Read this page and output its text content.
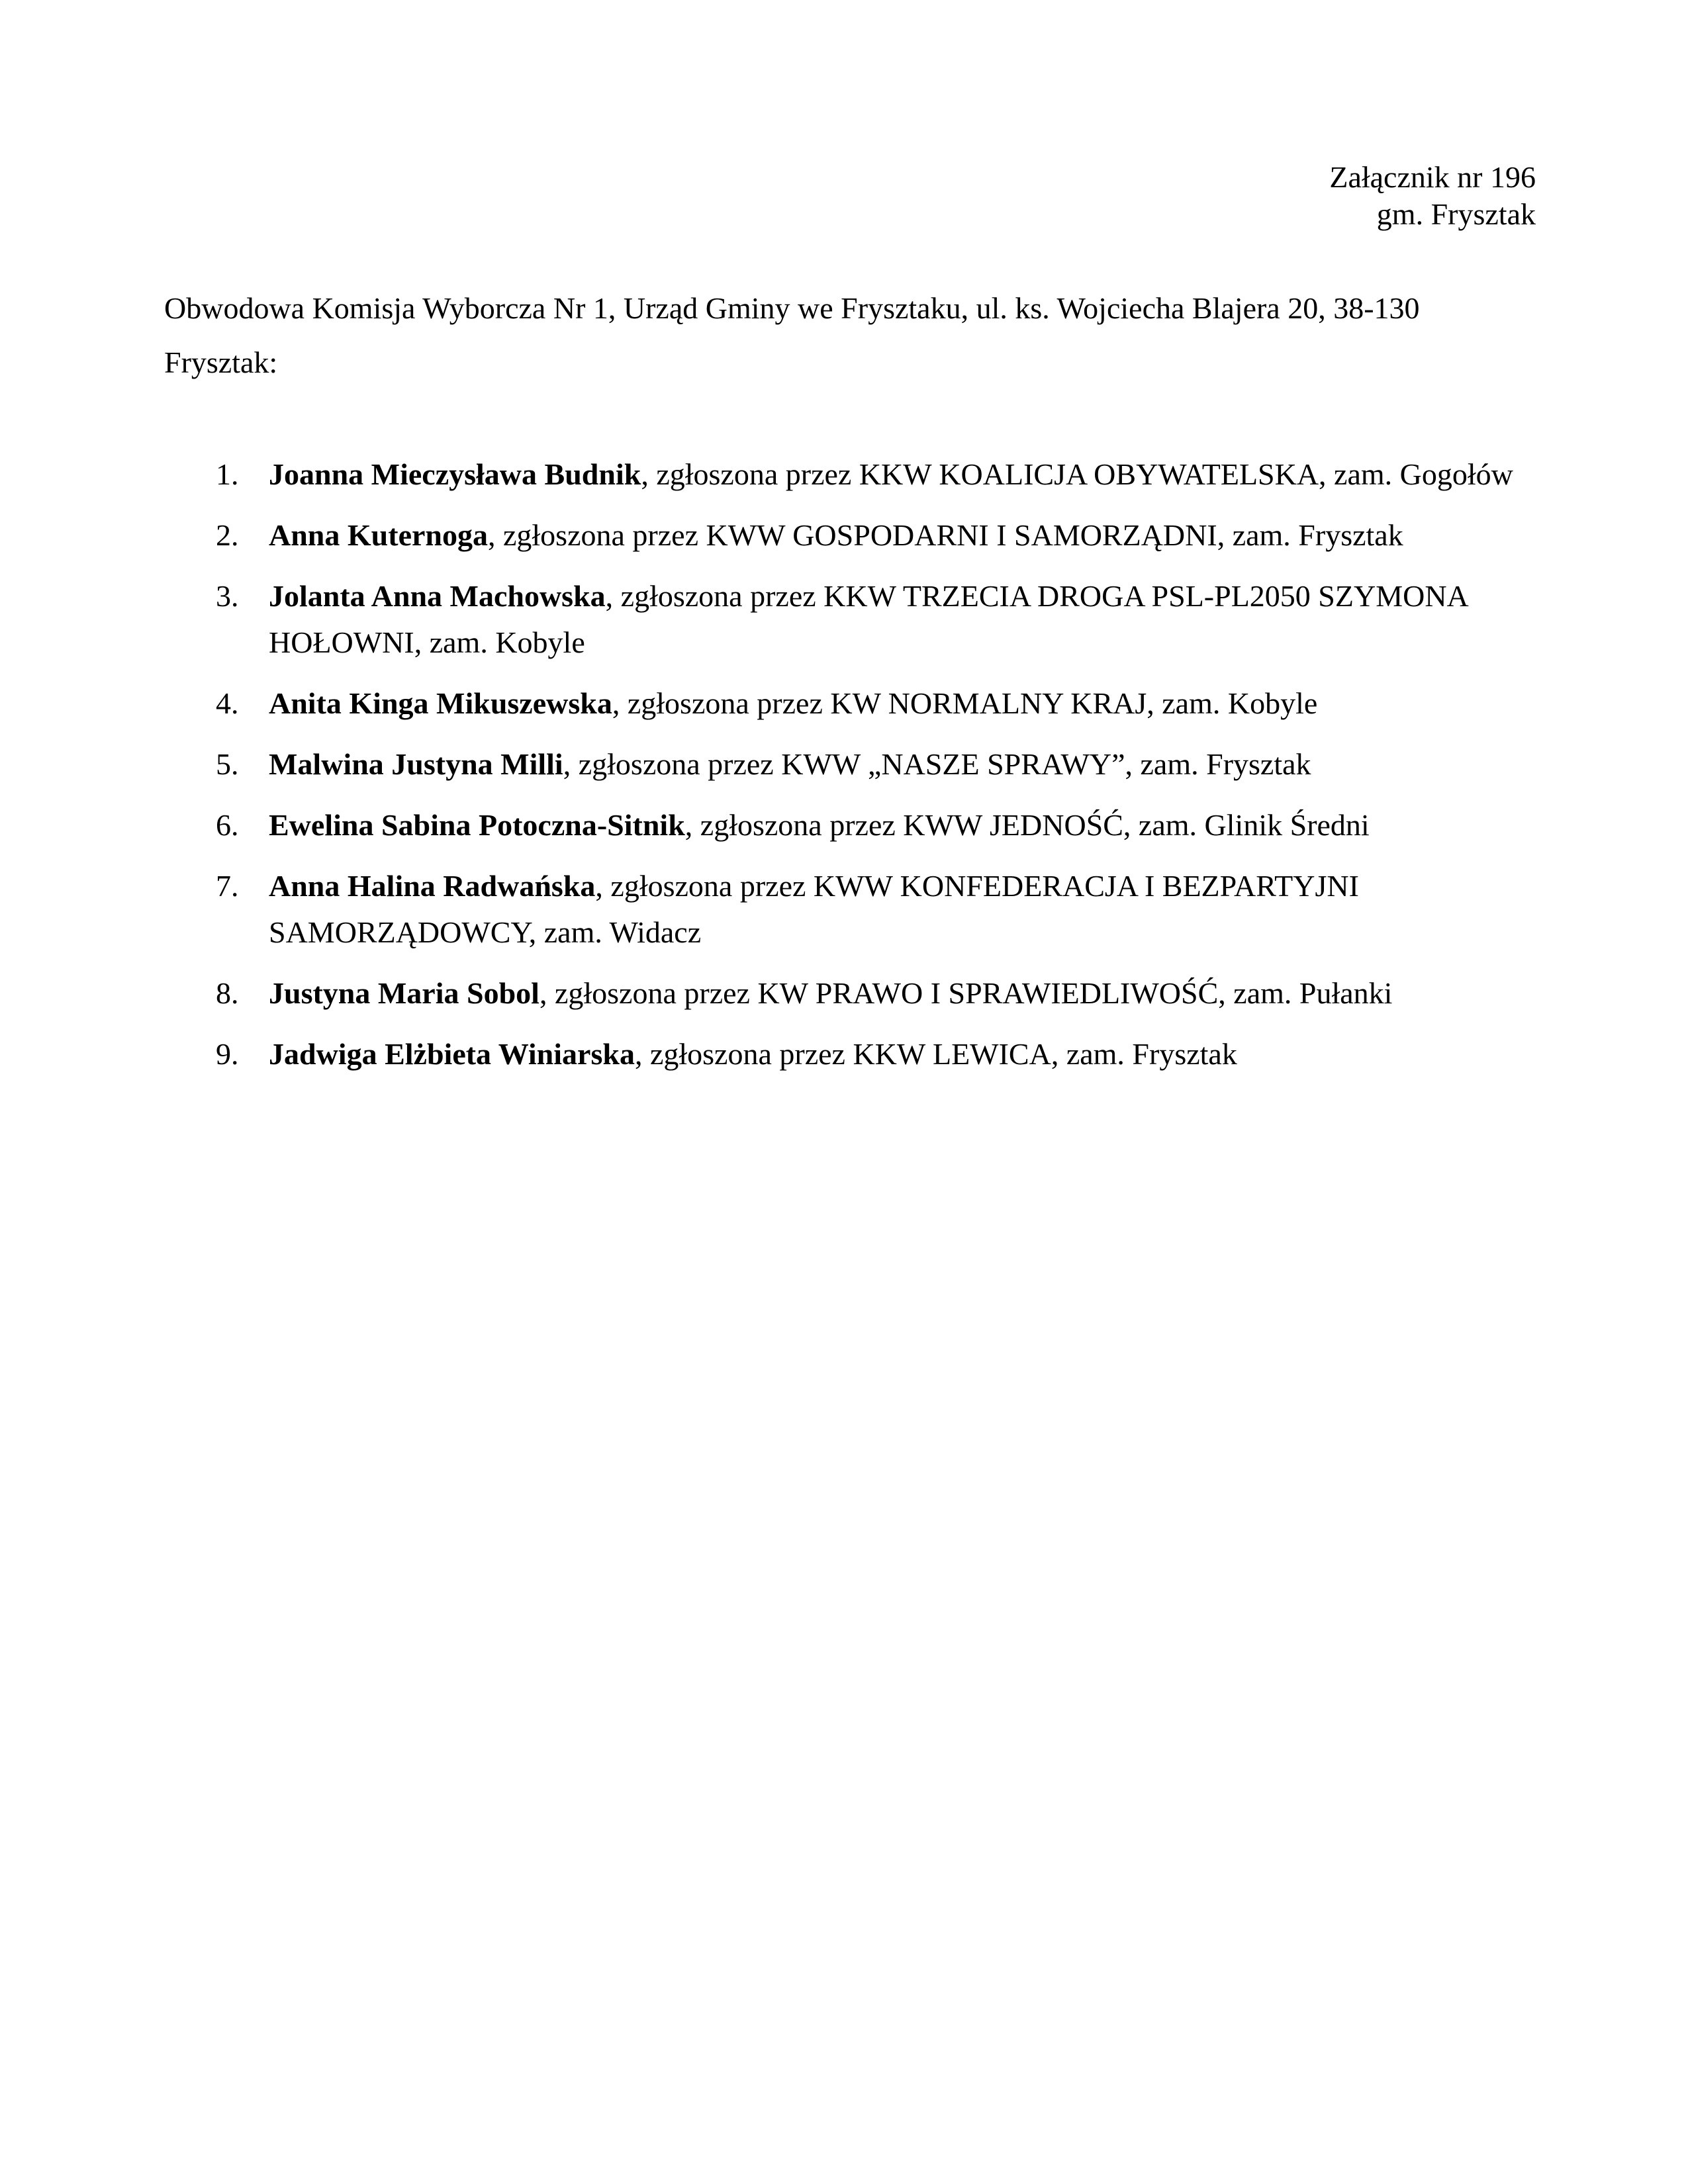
Załącznik nr 196
gm. Frysztak
Obwodowa Komisja Wyborcza Nr 1, Urząd Gminy we Frysztaku, ul. ks. Wojciecha Blajera 20, 38-130 Frysztak:
1. Joanna Mieczysława Budnik, zgłoszona przez KKW KOALICJA OBYWATELSKA, zam. Gogołów
2. Anna Kuternoga, zgłoszona przez KWW GOSPODARNI I SAMORZĄDNI, zam. Frysztak
3. Jolanta Anna Machowska, zgłoszona przez KKW TRZECIA DROGA PSL-PL2050 SZYMONA HOŁOWNI, zam. Kobyle
4. Anita Kinga Mikuszewska, zgłoszona przez KW NORMALNY KRAJ, zam. Kobyle
5. Malwina Justyna Milli, zgłoszona przez KWW „NASZE SPRAWY”, zam. Frysztak
6. Ewelina Sabina Potoczna-Sitnik, zgłoszona przez KWW JEDNOŚĆ, zam. Glinik Średni
7. Anna Halina Radwańska, zgłoszona przez KWW KONFEDERACJA I BEZPARTYJNI SAMORZĄDOWCY, zam. Widacz
8. Justyna Maria Sobol, zgłoszona przez KW PRAWO I SPRAWIEDLIWOŚĆ, zam. Pułanki
9. Jadwiga Elżbieta Winiarska, zgłoszona przez KKW LEWICA, zam. Frysztak
